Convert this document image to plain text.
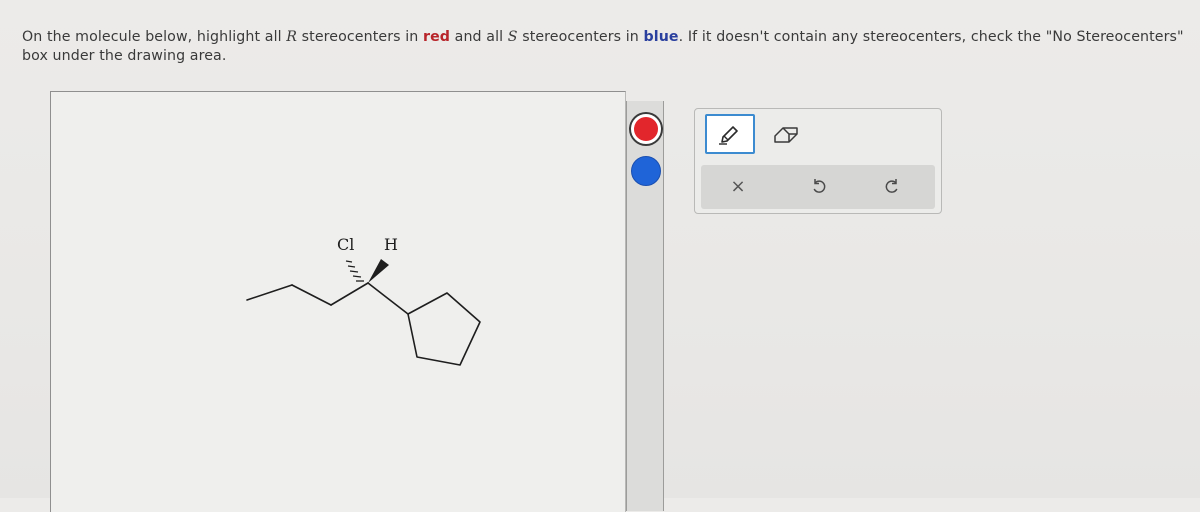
On the molecule below, highlight all R stereocenters in red and all S stereocenters in blue. If it doesn't contain any stereocenters, check the "No Stereocenters" box under the drawing area.
×
Cl H
